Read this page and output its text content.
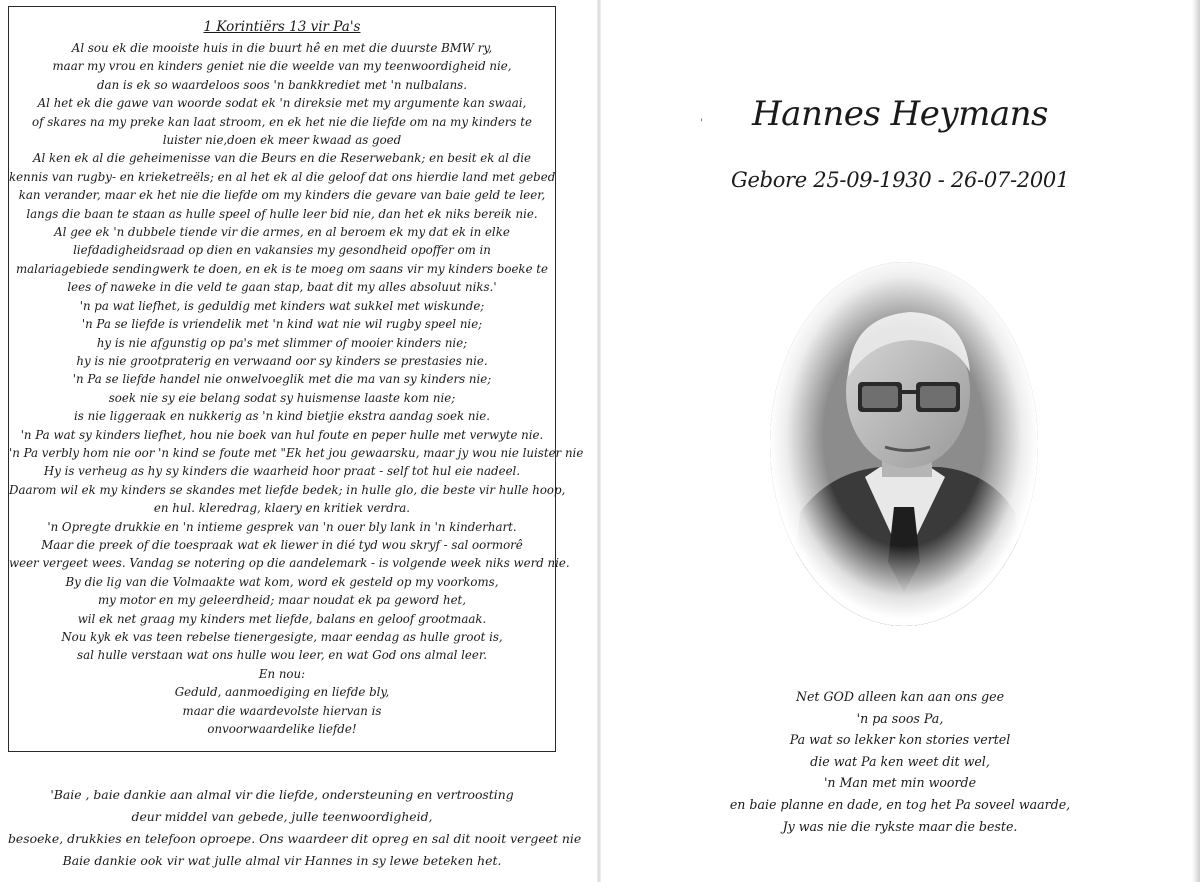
1 Korintiërs 13 vir Pa's
Al sou ek die mooiste huis in die buurt hê en met die duurste BMW ry,
maar my vrou en kinders geniet nie die weelde van my teenwoordigheid nie,
dan is ek so waardeloos soos 'n bankkrediet met 'n nulbalans.
Al het ek die gawe van woorde sodat ek 'n direksie met my argumente kan swaai,
of skares na my preke kan laat stroom, en ek het nie die liefde om na my kinders te
luister nie,doen ek meer kwaad as goed
Al ken ek al die geheimenisse van die Beurs en die Reserwebank; en besit ek al die
kennis van rugby- en krieketreëls; en al het ek al die geloof dat ons hierdie land met gebed
kan verander, maar ek het nie die liefde om my kinders die gevare van baie geld te leer,
langs die baan te staan as hulle speel of hulle leer bid nie, dan het ek niks bereik nie.
Al gee ek 'n dubbele tiende vir die armes, en al beroem ek my dat ek in elke
liefdadigheidsraad op dien en vakansies my gesondheid opoffer om in
malariagebiede sendingwerk te doen, en ek is te moeg om saans vir my kinders boeke te
lees of naweke in die veld te gaan stap, baat dit my alles absoluut niks.'
'n pa wat liefhet, is geduldig met kinders wat sukkel met wiskunde;
'n Pa se liefde is vriendelik met 'n kind wat nie wil rugby speel nie;
hy is nie afgunstig op pa's met slimmer of mooier kinders nie;
hy is nie grootpraterig en verwaand oor sy kinders se prestasies nie.
'n Pa se liefde handel nie onwelvoeglik met die ma van sy kinders nie;
soek nie sy eie belang sodat sy huismense laaste kom nie;
is nie liggeraak en nukkerig as 'n kind bietjie ekstra aandag soek nie.
'n Pa wat sy kinders liefhet, hou nie boek van hul foute en peper hulle met verwyte nie.
'n Pa verbly hom nie oor 'n kind se foute met "Ek het jou gewaarsku, maar jy wou nie luister nie
Hy is verheug as hy sy kinders die waarheid hoor praat - self tot hul eie nadeel.
Daarom wil ek my kinders se skandes met liefde bedek; in hulle glo, die beste vir hulle hoop,
en hul. kleredrag, klaery en kritiek verdra.
'n Opregte drukkie en 'n intieme gesprek van 'n ouer bly lank in 'n kinderhart.
Maar die preek of die toespraak wat ek liewer in dié tyd wou skryf - sal oormorê
weer vergeet wees. Vandag se notering op die aandelemark - is volgende week niks werd nie.
By die lig van die Volmaakte wat kom, word ek gesteld op my voorkoms,
my motor en my geleerdheid; maar noudat ek pa geword het,
wil ek net graag my kinders met liefde, balans en geloof grootmaak.
Nou kyk ek vas teen rebelse tienergesigte, maar eendag as hulle groot is,
sal hulle verstaan wat ons hulle wou leer, en wat God ons almal leer.
En nou:
Geduld, aanmoediging en liefde bly,
maar die waardevolste hiervan is
onvoorwaardelike liefde!
'Baie , baie dankie aan almal vir die liefde, ondersteuning en vertroosting
deur middel van gebede, julle teenwoordigheid,
besoeke, drukkies en telefoon oproepe. Ons waardeer dit opreg en sal dit nooit vergeet nie
Baie dankie ook vir wat julle almal vir Hannes in sy lewe beteken het.
'	Hannes Heymans
Gebore 25-09-1930 - 26-07-2001
Net GOD alleen kan aan ons gee
'n pa soos Pa,
Pa wat so lekker kon stories vertel
die wat Pa ken weet dit wel,
'n Man met min woorde
en baie planne en dade, en tog het Pa soveel waarde,
Jy was nie die rykste maar die beste.
